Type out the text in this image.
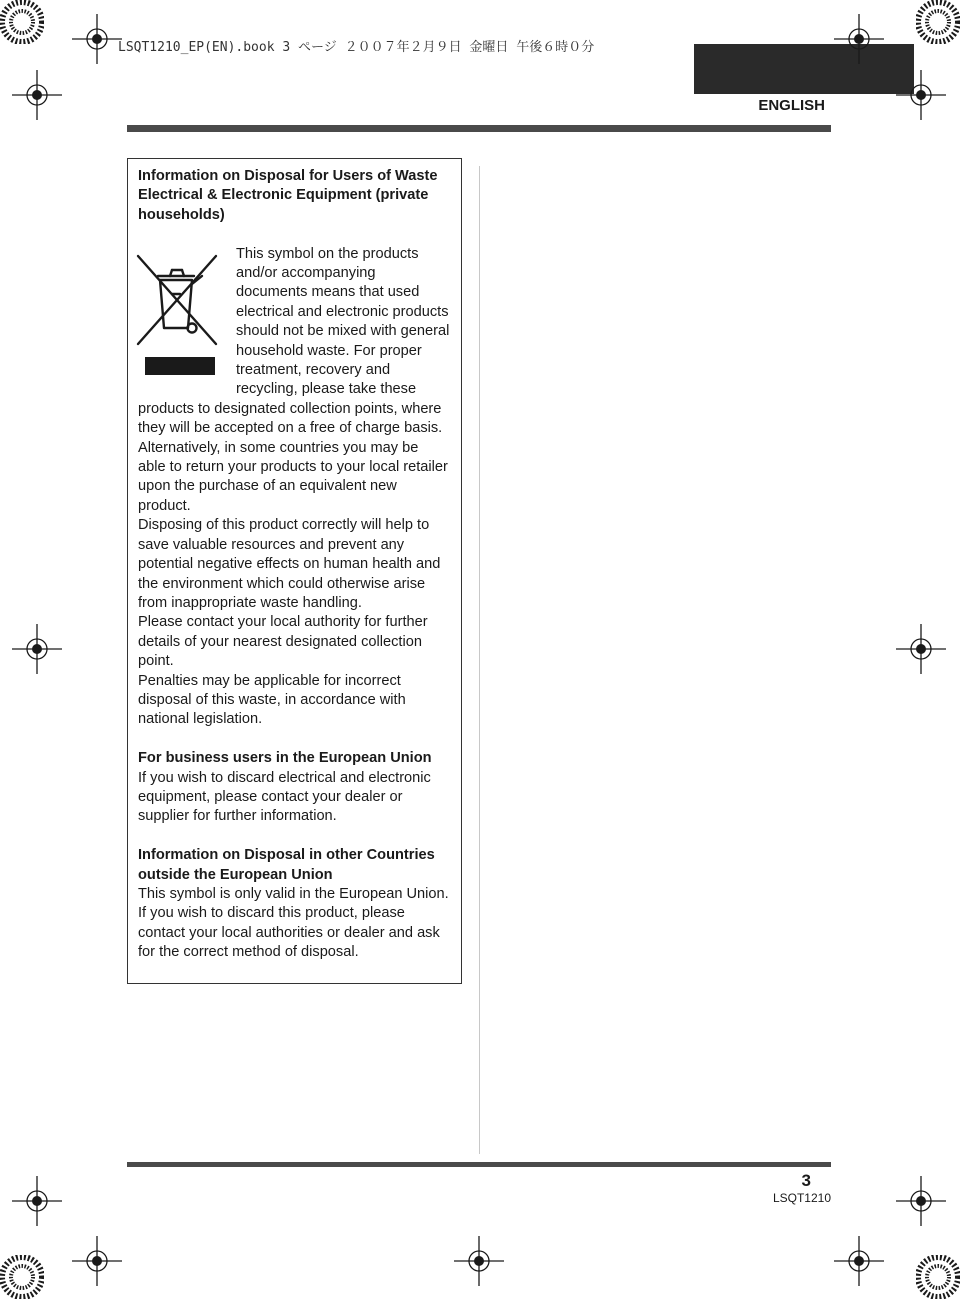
LSQT1210_EP(EN).book 3 ページ ２００７年２月９日 金曜日 午後６時０分
ENGLISH

Information on Disposal for Users of Waste Electrical & Electronic Equipment (private households)

This symbol on the products and/or accompanying documents means that used electrical and electronic products should not be mixed with general household waste. For proper treatment, recovery and recycling, please take these products to designated collection points, where they will be accepted on a free of charge basis. Alternatively, in some countries you may be able to return your products to your local retailer upon the purchase of an equivalent new product.

Disposing of this product correctly will help to save valuable resources and prevent any potential negative effects on human health and the environment which could otherwise arise from inappropriate waste handling.

Please contact your local authority for further details of your nearest designated collection point.

Penalties may be applicable for incorrect disposal of this waste, in accordance with national legislation.

For business users in the European Union

If you wish to discard electrical and electronic equipment, please contact your dealer or supplier for further information.

Information on Disposal in other Countries outside the European Union

This symbol is only valid in the European Union.

If you wish to discard this product, please contact your local authorities or dealer and ask for the correct method of disposal.

3
LSQT1210
